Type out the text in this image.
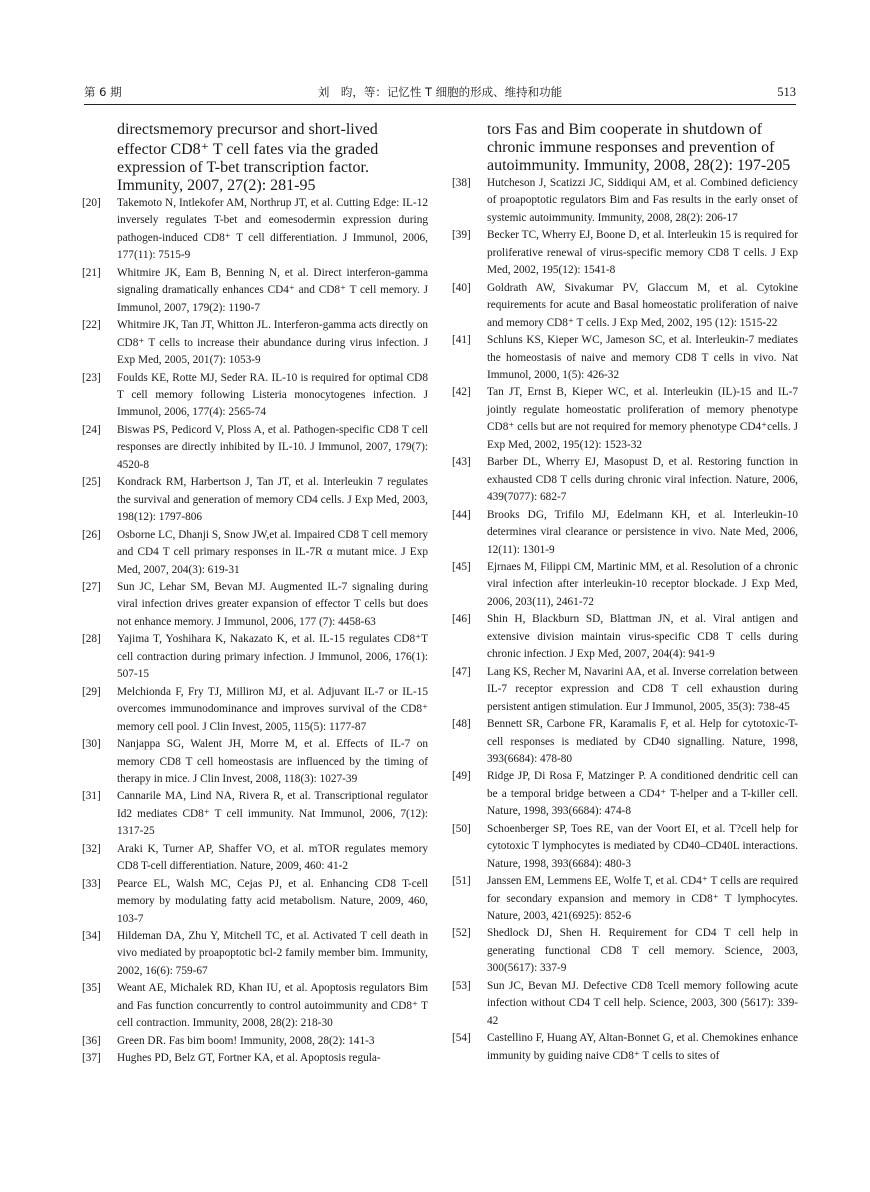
第 6 期	刘　昀，等：记忆性 T 细胞的形成、维持和功能	513
directsmemory precursor and short-lived effector CD8⁺ T cell fates via the graded expression of T-bet transcription factor. Immunity, 2007, 27(2): 281-95
[20] Takemoto N, Intlekofer AM, Northrup JT, et al. Cutting Edge: IL-12 inversely regulates T-bet and eomesodermin expression during pathogen-induced CD8⁺ T cell differentiation. J Immunol, 2006, 177(11): 7515-9
[21] Whitmire JK, Eam B, Benning N, et al. Direct interferon-gamma signaling dramatically enhances CD4⁺ and CD8⁺ T cell memory. J Immunol, 2007, 179(2): 1190-7
[22] Whitmire JK, Tan JT, Whitton JL. Interferon-gamma acts directly on CD8⁺ T cells to increase their abundance during virus infection. J Exp Med, 2005, 201(7): 1053-9
[23] Foulds KE, Rotte MJ, Seder RA. IL-10 is required for optimal CD8 T cell memory following Listeria monocytogenes infection. J Immunol, 2006, 177(4): 2565-74
[24] Biswas PS, Pedicord V, Ploss A, et al. Pathogen-specific CD8 T cell responses are directly inhibited by IL-10. J Immunol, 2007, 179(7): 4520-8
[25] Kondrack RM, Harbertson J, Tan JT, et al. Interleukin 7 regulates the survival and generation of memory CD4 cells. J Exp Med, 2003, 198(12): 1797-806
[26] Osborne LC, Dhanji S, Snow JW,et al. Impaired CD8 T cell memory and CD4 T cell primary responses in IL-7R α mutant mice. J Exp Med, 2007, 204(3): 619-31
[27] Sun JC, Lehar SM, Bevan MJ. Augmented IL-7 signaling during viral infection drives greater expansion of effector T cells but does not enhance memory. J Immunol, 2006, 177 (7): 4458-63
[28] Yajima T, Yoshihara K, Nakazato K, et al. IL-15 regulates CD8⁺T cell contraction during primary infection. J Immunol, 2006, 176(1): 507-15
[29] Melchionda F, Fry TJ, Milliron MJ, et al. Adjuvant IL-7 or IL-15 overcomes immunodominance and improves survival of the CD8⁺ memory cell pool. J Clin Invest, 2005, 115(5): 1177-87
[30] Nanjappa SG, Walent JH, Morre M, et al. Effects of IL-7 on memory CD8 T cell homeostasis are influenced by the timing of therapy in mice. J Clin Invest, 2008, 118(3): 1027-39
[31] Cannarile MA, Lind NA, Rivera R, et al. Transcriptional regulator Id2 mediates CD8⁺ T cell immunity. Nat Immunol, 2006, 7(12): 1317-25
[32] Araki K, Turner AP, Shaffer VO, et al. mTOR regulates memory CD8 T-cell differentiation. Nature, 2009, 460: 41-2
[33] Pearce EL, Walsh MC, Cejas PJ, et al. Enhancing CD8 T-cell memory by modulating fatty acid metabolism. Nature, 2009, 460, 103-7
[34] Hildeman DA, Zhu Y, Mitchell TC, et al. Activated T cell death in vivo mediated by proapoptotic bcl-2 family member bim. Immunity, 2002, 16(6): 759-67
[35] Weant AE, Michalek RD, Khan IU, et al. Apoptosis regulators Bim and Fas function concurrently to control autoimmunity and CD8⁺ T cell contraction. Immunity, 2008, 28(2): 218-30
[36] Green DR. Fas bim boom! Immunity, 2008, 28(2): 141-3
[37] Hughes PD, Belz GT, Fortner KA, et al. Apoptosis regula-
tors Fas and Bim cooperate in shutdown of chronic immune responses and prevention of autoimmunity. Immunity, 2008, 28(2): 197-205
[38] Hutcheson J, Scatizzi JC, Siddiqui AM, et al. Combined deficiency of proapoptotic regulators Bim and Fas results in the early onset of systemic autoimmunity. Immunity, 2008, 28(2): 206-17
[39] Becker TC, Wherry EJ, Boone D, et al. Interleukin 15 is required for proliferative renewal of virus-specific memory CD8 T cells. J Exp Med, 2002, 195(12): 1541-8
[40] Goldrath AW, Sivakumar PV, Glaccum M, et al. Cytokine requirements for acute and Basal homeostatic proliferation of naive and memory CD8⁺ T cells. J Exp Med, 2002, 195 (12): 1515-22
[41] Schluns KS, Kieper WC, Jameson SC, et al. Interleukin-7 mediates the homeostasis of naive and memory CD8 T cells in vivo. Nat Immunol, 2000, 1(5): 426-32
[42] Tan JT, Ernst B, Kieper WC, et al. Interleukin (IL)-15 and IL-7 jointly regulate homeostatic proliferation of memory phenotype CD8⁺ cells but are not required for memory phenotype CD4⁺cells. J Exp Med, 2002, 195(12): 1523-32
[43] Barber DL, Wherry EJ, Masopust D, et al. Restoring function in exhausted CD8 T cells during chronic viral infection. Nature, 2006, 439(7077): 682-7
[44] Brooks DG, Trifilo MJ, Edelmann KH, et al. Interleukin-10 determines viral clearance or persistence in vivo. Nate Med, 2006, 12(11): 1301-9
[45] Ejrnaes M, Filippi CM, Martinic MM, et al. Resolution of a chronic viral infection after interleukin-10 receptor blockade. J Exp Med, 2006, 203(11), 2461-72
[46] Shin H, Blackburn SD, Blattman JN, et al. Viral antigen and extensive division maintain virus-specific CD8 T cells during chronic infection. J Exp Med, 2007, 204(4): 941-9
[47] Lang KS, Recher M, Navarini AA, et al. Inverse correlation between IL-7 receptor expression and CD8 T cell exhaustion during persistent antigen stimulation. Eur J Immunol, 2005, 35(3): 738-45
[48] Bennett SR, Carbone FR, Karamalis F, et al. Help for cytotoxic-T-cell responses is mediated by CD40 signalling. Nature, 1998, 393(6684): 478-80
[49] Ridge JP, Di Rosa F, Matzinger P. A conditioned dendritic cell can be a temporal bridge between a CD4⁺ T-helper and a T-killer cell. Nature, 1998, 393(6684): 474-8
[50] Schoenberger SP, Toes RE, van der Voort EI, et al. T?cell help for cytotoxic T lymphocytes is mediated by CD40–CD40L interactions. Nature, 1998, 393(6684): 480-3
[51] Janssen EM, Lemmens EE, Wolfe T, et al. CD4⁺ T cells are required for secondary expansion and memory in CD8⁺ T lymphocytes. Nature, 2003, 421(6925): 852-6
[52] Shedlock DJ, Shen H. Requirement for CD4 T cell help in generating functional CD8 T cell memory. Science, 2003, 300(5617): 337-9
[53] Sun JC, Bevan MJ. Defective CD8 Tcell memory following acute infection without CD4 T cell help. Science, 2003, 300 (5617): 339-42
[54] Castellino F, Huang AY, Altan-Bonnet G, et al. Chemokines enhance immunity by guiding naive CD8⁺ T cells to sites of
